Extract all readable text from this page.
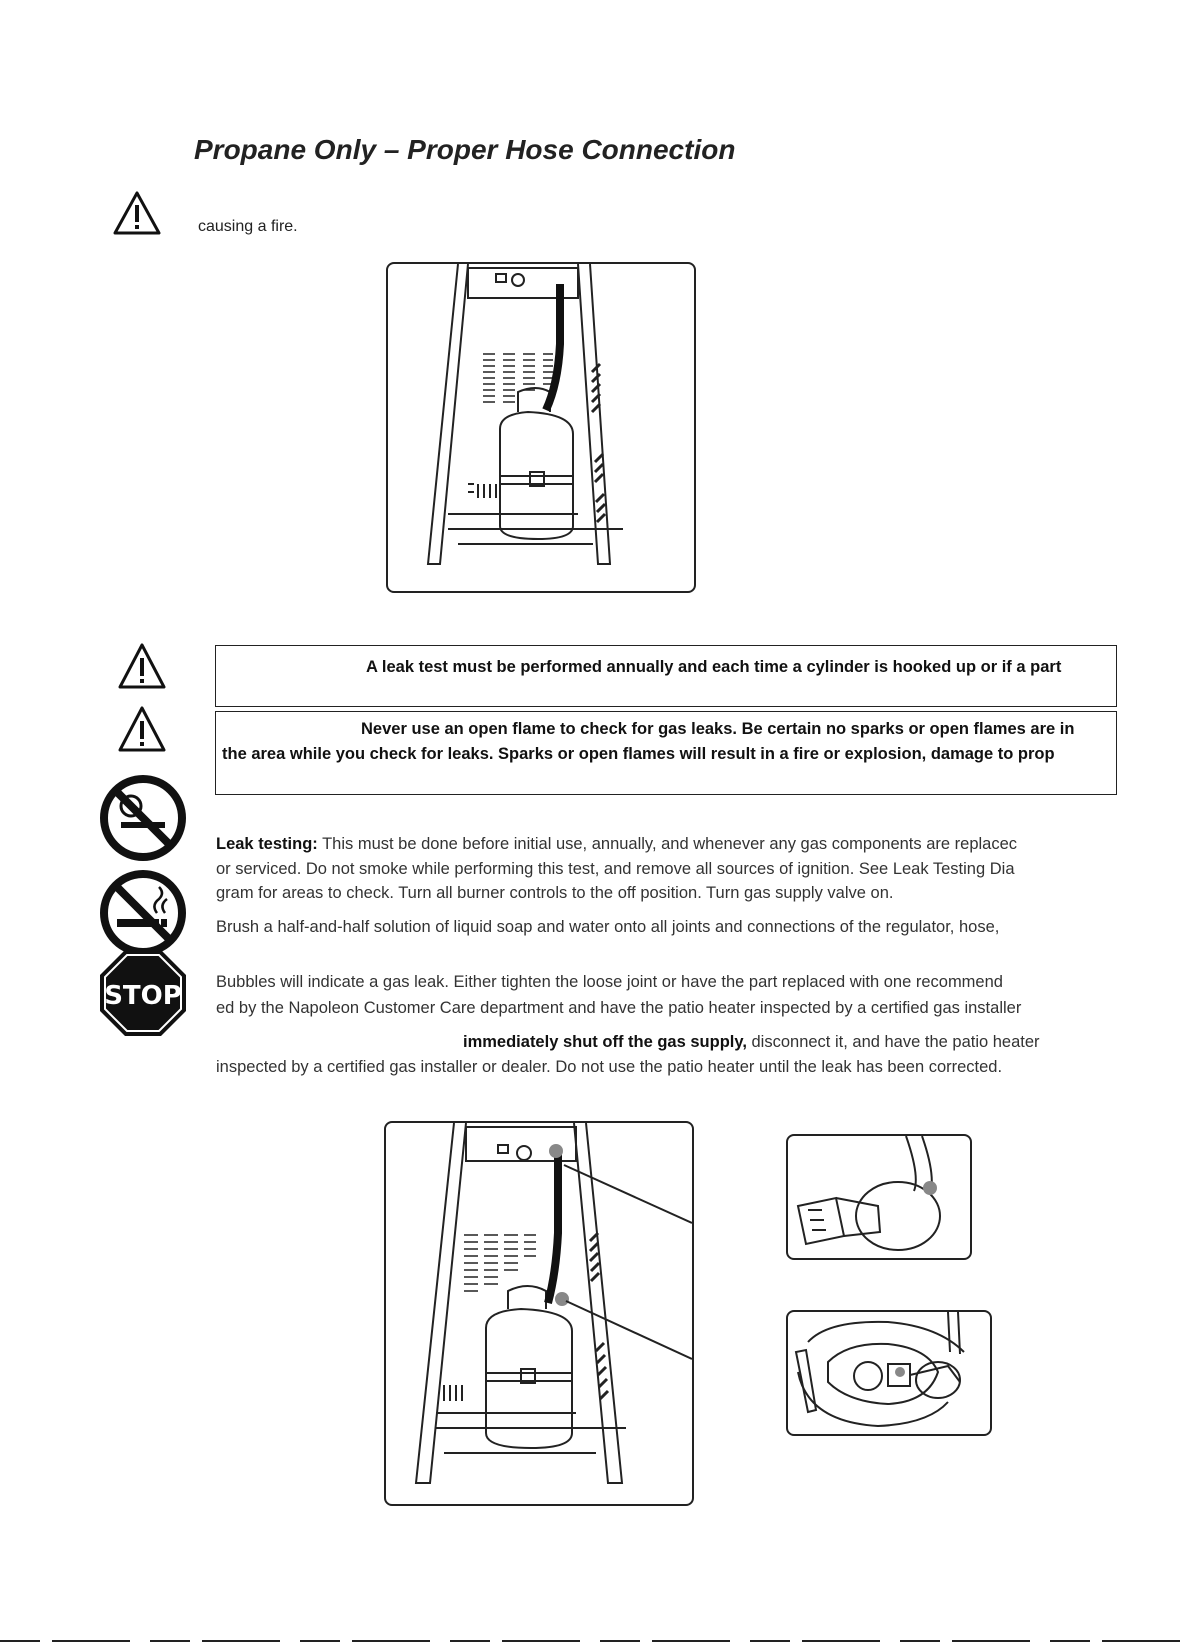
Propane Only – Proper Hose Connection
causing a fire.
A leak test must be performed annually and each time a cylinder is hooked up or if a part
Never use an open flame to check for gas leaks. Be certain no sparks or open flames are in
the area while you check for leaks. Sparks or open flames will result in a fire or explosion, damage to prop
STOP
Leak testing: This must be done before initial use, annually, and whenever any gas components are replacec
or serviced. Do not smoke while performing this test, and remove all sources of ignition. See Leak Testing Dia
gram for areas to check. Turn all burner controls to the off position. Turn gas supply valve on.
Brush a half-and-half solution of liquid soap and water onto all joints and connections of the regulator, hose,
Bubbles will indicate a gas leak. Either tighten the loose joint or have the part replaced with one recommend
ed by the Napoleon Customer Care department and have the patio heater inspected by a certified gas installer
immediately shut off the gas supply, disconnect it, and have the patio heater
inspected by a certified gas installer or dealer. Do not use the patio heater until the leak has been corrected.
